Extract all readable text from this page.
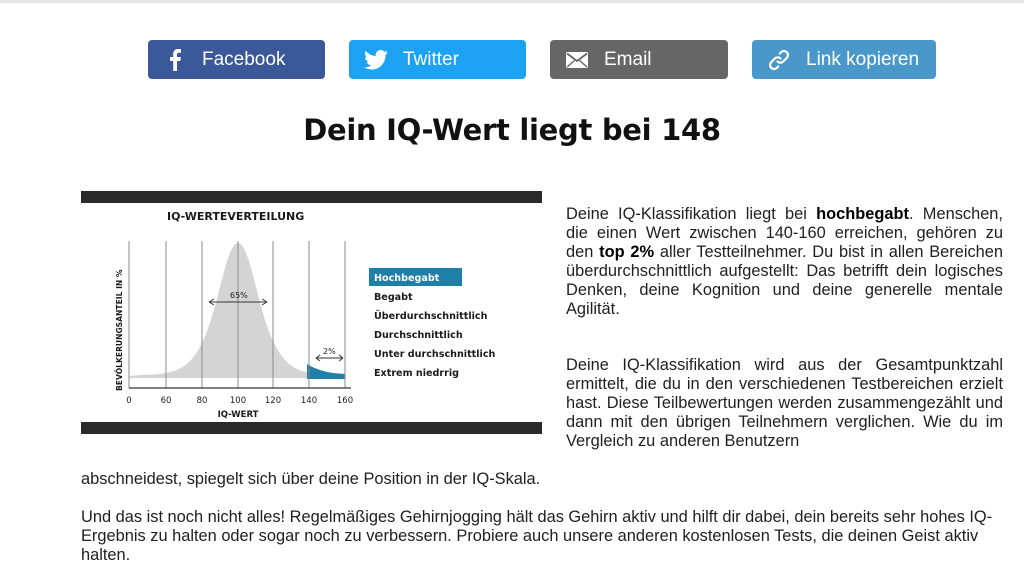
Facebook	Twitter	Email	Link kopieren
Dein IQ-Wert liegt bei 148
IQ-WERTEVERTEILUNG
65%
2%
0	60	80	100 120 140 160
IQ-WERT
BEVÖLKERUNGSANTEIL IN %	Hochbegabt
Begabt
Überdurchschnittlich
Durchschnittlich
Unter durchschnittlich
Extrem niedrrig

Deine IQ-Klassifikation liegt bei hochbegabt. Menschen, die einen Wert zwischen 140-160 erreichen, gehören zu den top 2% aller Testteilnehmer. Du bist in allen Bereichen überdurchschnittlich aufgestellt: Das betrifft dein logisches Denken, deine Kognition und deine generelle mentale Agilität.

Deine IQ-Klassifikation wird aus der Gesamtpunktzahl ermittelt, die du in den verschiedenen Testbereichen erzielt hast. Diese Teilbewertungen werden zusammengezählt und dann mit den übrigen Teilnehmern verglichen. Wie du im Vergleich zu anderen Benutzern

abschneidest, spiegelt sich über deine Position in der IQ-Skala.

Und das ist noch nicht alles! Regelmäßiges Gehirnjogging hält das Gehirn aktiv und hilft dir dabei, dein bereits sehr hohes IQ-Ergebnis zu halten oder sogar noch zu verbessern. Probiere auch unsere anderen kostenlosen Tests, die deinen Geist aktiv halten.
